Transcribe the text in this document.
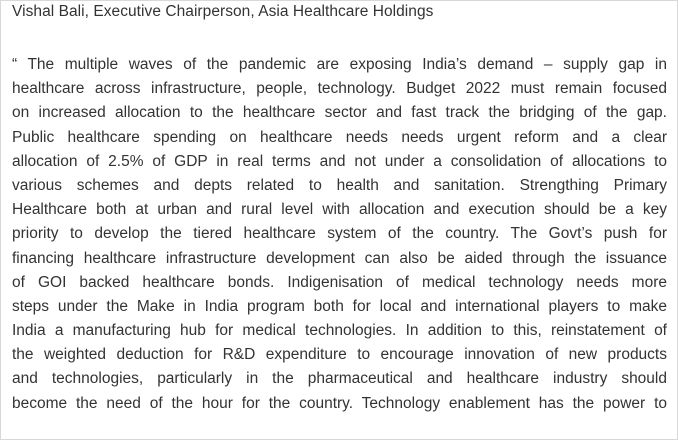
Vishal Bali, Executive Chairperson, Asia Healthcare Holdings
“ The multiple waves of the pandemic are exposing India’s demand – supply gap in
healthcare across infrastructure, people, technology. Budget 2022 must remain focused
on increased allocation to the healthcare sector and fast track the bridging of the gap.
Public healthcare spending on healthcare needs needs urgent reform and a clear
allocation of 2.5% of GDP in real terms and not under a consolidation of allocations to
various schemes and depts related to health and sanitation. Strengthing Primary
Healthcare both at urban and rural level with allocation and execution should be a key
priority to develop the tiered healthcare system of the country. The Govt’s push for
financing healthcare infrastructure development can also be aided through the issuance
of GOI backed healthcare bonds. Indigenisation of medical technology needs more
steps under the Make in India program both for local and international players to make
India a manufacturing hub for medical technologies. In addition to this, reinstatement of
the weighted deduction for R&D expenditure to encourage innovation of new products
and technologies, particularly in the pharmaceutical and healthcare industry should
become the need of the hour for the country. Technology enablement has the power to
